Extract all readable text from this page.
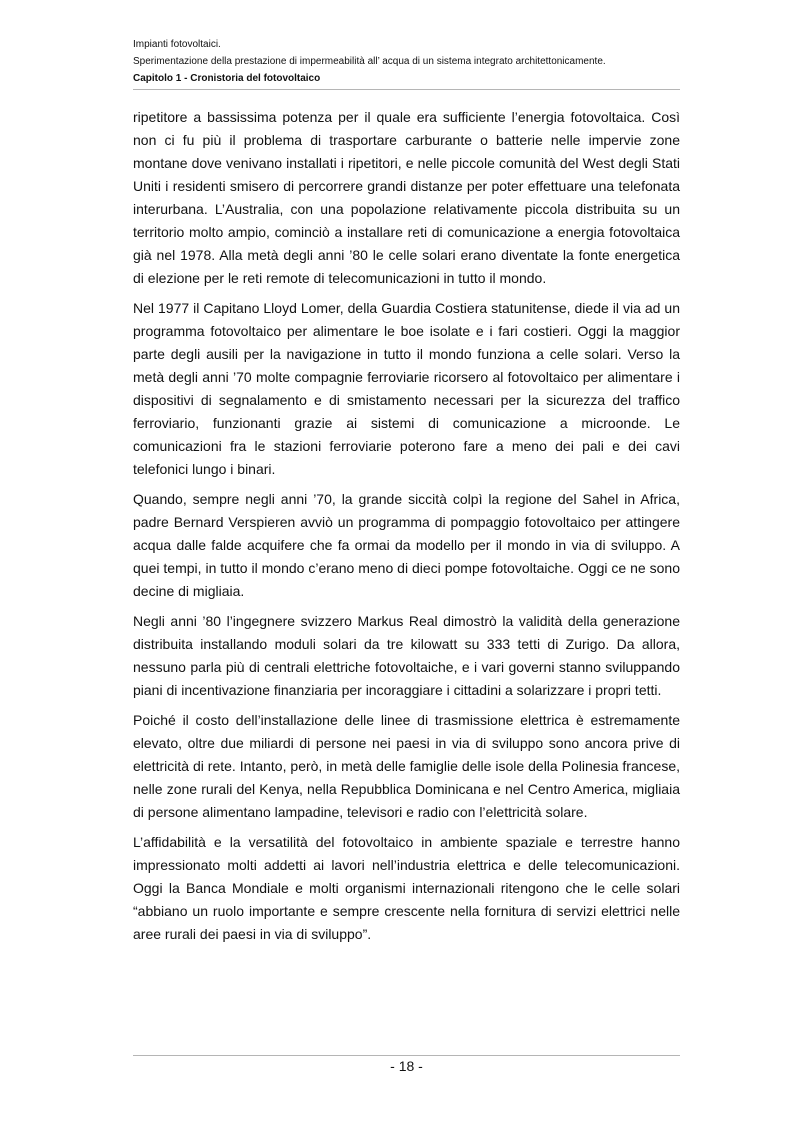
Impianti fotovoltaici.
Sperimentazione della prestazione di impermeabilità all’ acqua di un sistema integrato architettonicamente.
Capitolo 1 - Cronistoria del fotovoltaico

ripetitore a bassissima potenza per il quale era sufficiente l’energia fotovoltaica. Così non ci fu più il problema di trasportare carburante o batterie nelle impervie zone montane dove venivano installati i ripetitori, e nelle piccole comunità del West degli Stati Uniti i residenti smisero di percorrere grandi distanze per poter effettuare una telefonata interurbana. L’Australia, con una popolazione relativamente piccola distribuita su un territorio molto ampio, cominciò a installare reti di comunicazione a energia fotovoltaica già nel 1978. Alla metà degli anni ’80 le celle solari erano diventate la fonte energetica di elezione per le reti remote di telecomunicazioni in tutto il mondo.

Nel 1977 il Capitano Lloyd Lomer, della Guardia Costiera statunitense, diede il via ad un programma fotovoltaico per alimentare le boe isolate e i fari costieri. Oggi la maggior parte degli ausili per la navigazione in tutto il mondo funziona a celle solari. Verso la metà degli anni ’70 molte compagnie ferroviarie ricorsero al fotovoltaico per alimentare i dispositivi di segnalamento e di smistamento necessari per la sicurezza del traffico ferroviario, funzionanti grazie ai sistemi di comunicazione a microonde. Le comunicazioni fra le stazioni ferroviarie poterono fare a meno dei pali e dei cavi telefonici lungo i binari.

Quando, sempre negli anni ’70, la grande siccità colpì la regione del Sahel in Africa, padre Bernard Verspieren avviò un programma di pompaggio fotovoltaico per attingere acqua dalle falde acquifere che fa ormai da modello per il mondo in via di sviluppo. A quei tempi, in tutto il mondo c’erano meno di dieci pompe fotovoltaiche. Oggi ce ne sono decine di migliaia.

Negli anni ’80 l’ingegnere svizzero Markus Real dimostrò la validità della generazione distribuita installando moduli solari da tre kilowatt su 333 tetti di Zurigo. Da allora, nessuno parla più di centrali elettriche fotovoltaiche, e i vari governi stanno sviluppando piani di incentivazione finanziaria per incoraggiare i cittadini a solarizzare i propri tetti.

Poiché il costo dell’installazione delle linee di trasmissione elettrica è estremamente elevato, oltre due miliardi di persone nei paesi in via di sviluppo sono ancora prive di elettricità di rete. Intanto, però, in metà delle famiglie delle isole della Polinesia francese, nelle zone rurali del Kenya, nella Repubblica Dominicana e nel Centro America, migliaia di persone alimentano lampadine, televisori e radio con l’elettricità solare.

L’affidabilità e la versatilità del fotovoltaico in ambiente spaziale e terrestre hanno impressionato molti addetti ai lavori nell’industria elettrica e delle telecomunicazioni. Oggi la Banca Mondiale e molti organismi internazionali ritengono che le celle solari “abbiano un ruolo importante e sempre crescente nella fornitura di servizi elettrici nelle aree rurali dei paesi in via di sviluppo”.

- 18 -
